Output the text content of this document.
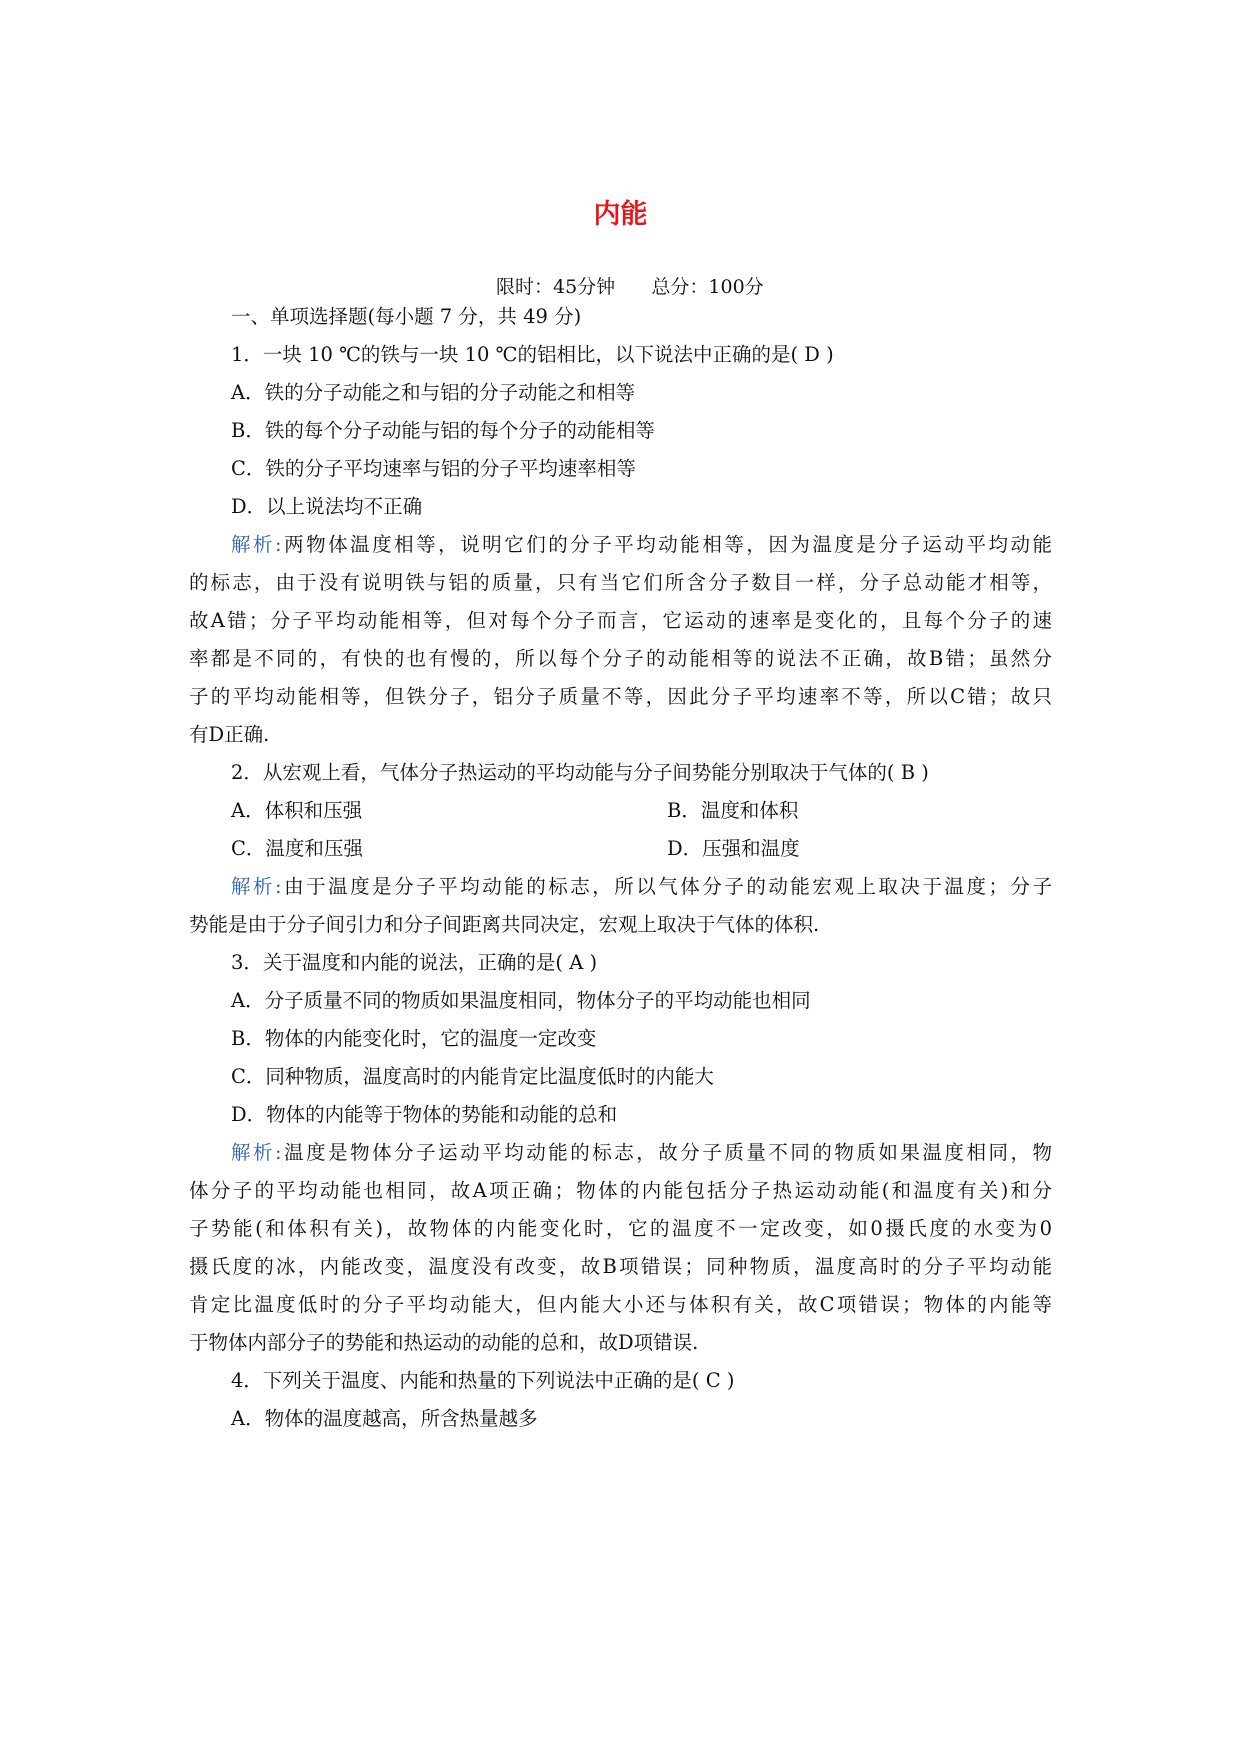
内能
限时：45分钟      总分：100分
一、单项选择题(每小题 7 分，共 49 分)
1．一块 10 ℃的铁与一块 10 ℃的铝相比，以下说法中正确的是( D )
A．铁的分子动能之和与铝的分子动能之和相等
B．铁的每个分子动能与铝的每个分子的动能相等
C．铁的分子平均速率与铝的分子平均速率相等
D．以上说法均不正确
解析:两物体温度相等，说明它们的分子平均动能相等，因为温度是分子运动平均动能
的标志，由于没有说明铁与铝的质量，只有当它们所含分子数目一样，分子总动能才相等，
故A错；分子平均动能相等，但对每个分子而言，它运动的速率是变化的，且每个分子的速
率都是不同的，有快的也有慢的，所以每个分子的动能相等的说法不正确，故B错；虽然分
子的平均动能相等，但铁分子，铝分子质量不等，因此分子平均速率不等，所以C错；故只
有D正确.
2．从宏观上看，气体分子热运动的平均动能与分子间势能分别取决于气体的( B )
A．体积和压强	B．温度和体积
C．温度和压强	D．压强和温度
解析:由于温度是分子平均动能的标志，所以气体分子的动能宏观上取决于温度；分子
势能是由于分子间引力和分子间距离共同决定，宏观上取决于气体的体积.
3．关于温度和内能的说法，正确的是( A )
A．分子质量不同的物质如果温度相同，物体分子的平均动能也相同
B．物体的内能变化时，它的温度一定改变
C．同种物质，温度高时的内能肯定比温度低时的内能大
D．物体的内能等于物体的势能和动能的总和
解析:温度是物体分子运动平均动能的标志，故分子质量不同的物质如果温度相同，物
体分子的平均动能也相同，故A项正确；物体的内能包括分子热运动动能(和温度有关)和分
子势能(和体积有关)，故物体的内能变化时，它的温度不一定改变，如0摄氏度的水变为0
摄氏度的冰，内能改变，温度没有改变，故B项错误；同种物质，温度高时的分子平均动能
肯定比温度低时的分子平均动能大，但内能大小还与体积有关，故C项错误；物体的内能等
于物体内部分子的势能和热运动的动能的总和，故D项错误.
4．下列关于温度、内能和热量的下列说法中正确的是( C )
A．物体的温度越高，所含热量越多
